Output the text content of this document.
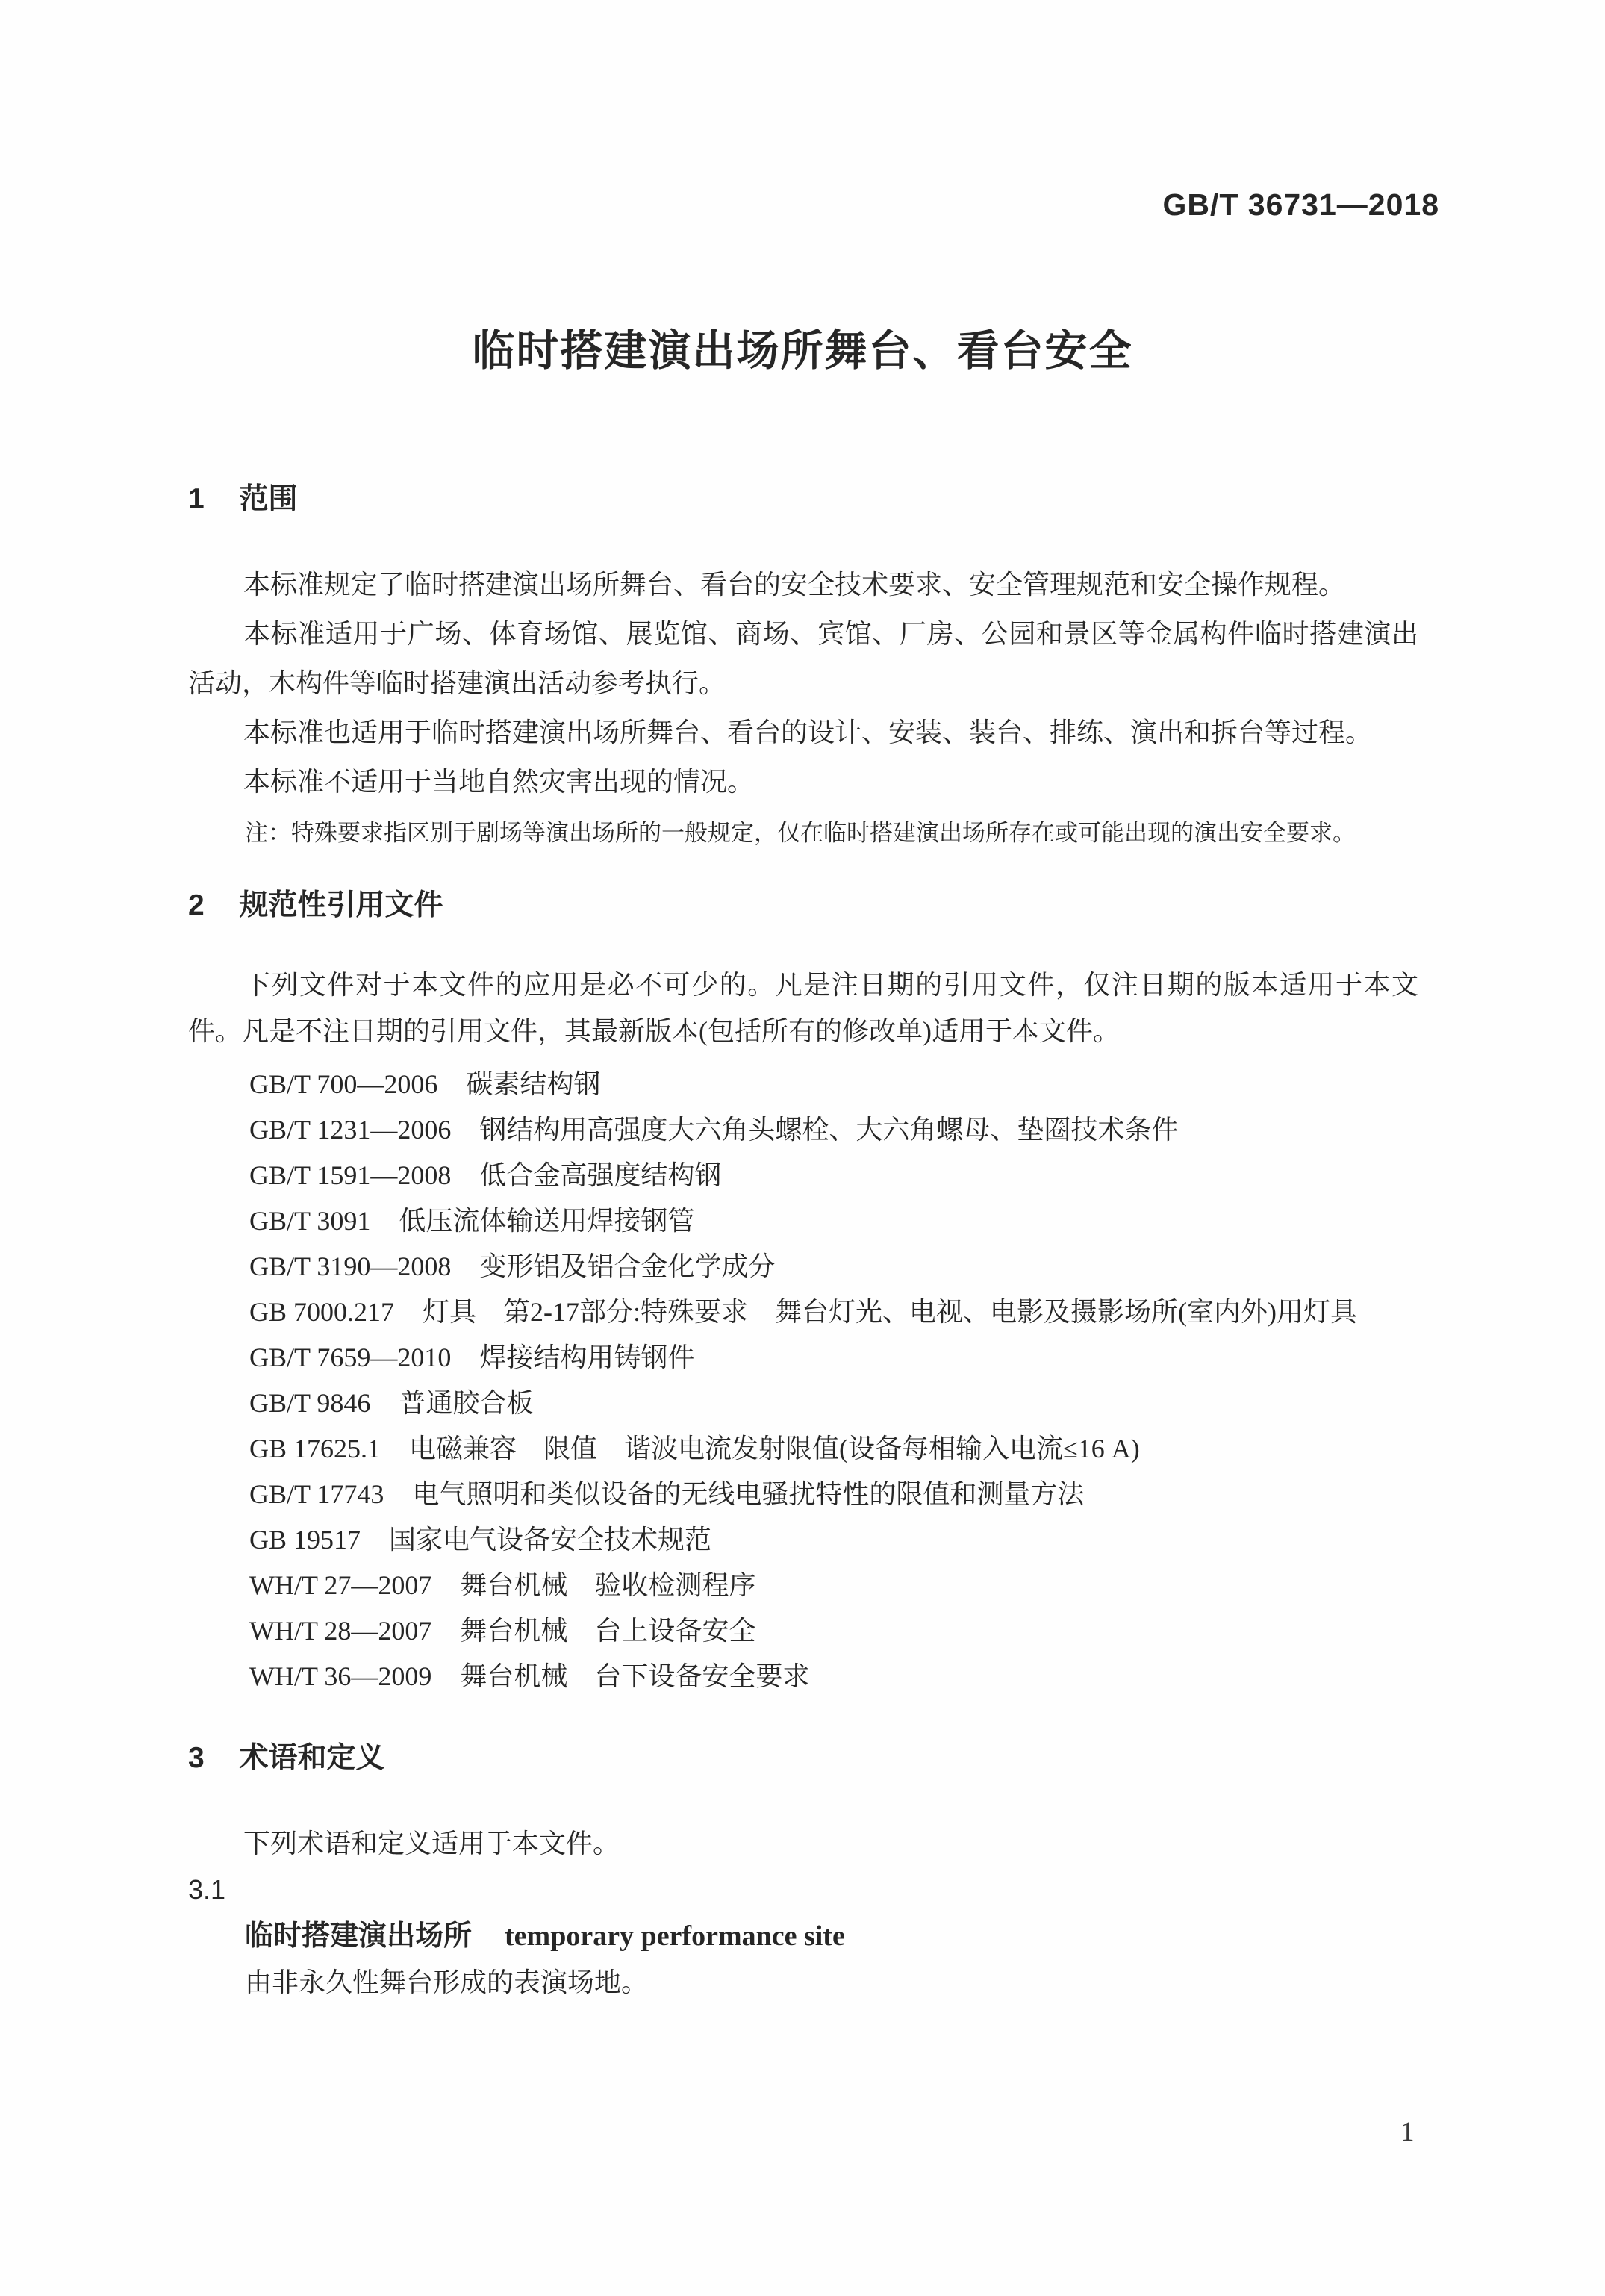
GB/T 36731—2018
临时搭建演出场所舞台、看台安全
1 范围

本标准规定了临时搭建演出场所舞台、看台的安全技术要求、安全管理规范和安全操作规程。

本标准适用于广场、体育场馆、展览馆、商场、宾馆、厂房、公园和景区等金属构件临时搭建演出活动，木构件等临时搭建演出活动参考执行。

本标准也适用于临时搭建演出场所舞台、看台的设计、安装、装台、排练、演出和拆台等过程。

本标准不适用于当地自然灾害出现的情况。

注：特殊要求指区别于剧场等演出场所的一般规定，仅在临时搭建演出场所存在或可能出现的演出安全要求。

2 规范性引用文件

下列文件对于本文件的应用是必不可少的。凡是注日期的引用文件，仅注日期的版本适用于本文件。凡是不注日期的引用文件，其最新版本(包括所有的修改单)适用于本文件。

GB/T 700—2006 碳素结构钢
GB/T 1231—2006 钢结构用高强度大六角头螺栓、大六角螺母、垫圈技术条件
GB/T 1591—2008 低合金高强度结构钢
GB/T 3091 低压流体输送用焊接钢管
GB/T 3190—2008 变形铝及铝合金化学成分
GB 7000.217 灯具　第2-17部分:特殊要求　舞台灯光、电视、电影及摄影场所(室内外)用灯具
GB/T 7659—2010 焊接结构用铸钢件
GB/T 9846 普通胶合板
GB 17625.1 电磁兼容　限值　谐波电流发射限值(设备每相输入电流≤16 A)
GB/T 17743 电气照明和类似设备的无线电骚扰特性的限值和测量方法
GB 19517 国家电气设备安全技术规范
WH/T 27—2007 舞台机械　验收检测程序
WH/T 28—2007 舞台机械　台上设备安全
WH/T 36—2009 舞台机械　台下设备安全要求
3 术语和定义

下列术语和定义适用于本文件。

3.1
临时搭建演出场所 temporary performance site

由非永久性舞台形成的表演场地。

1
